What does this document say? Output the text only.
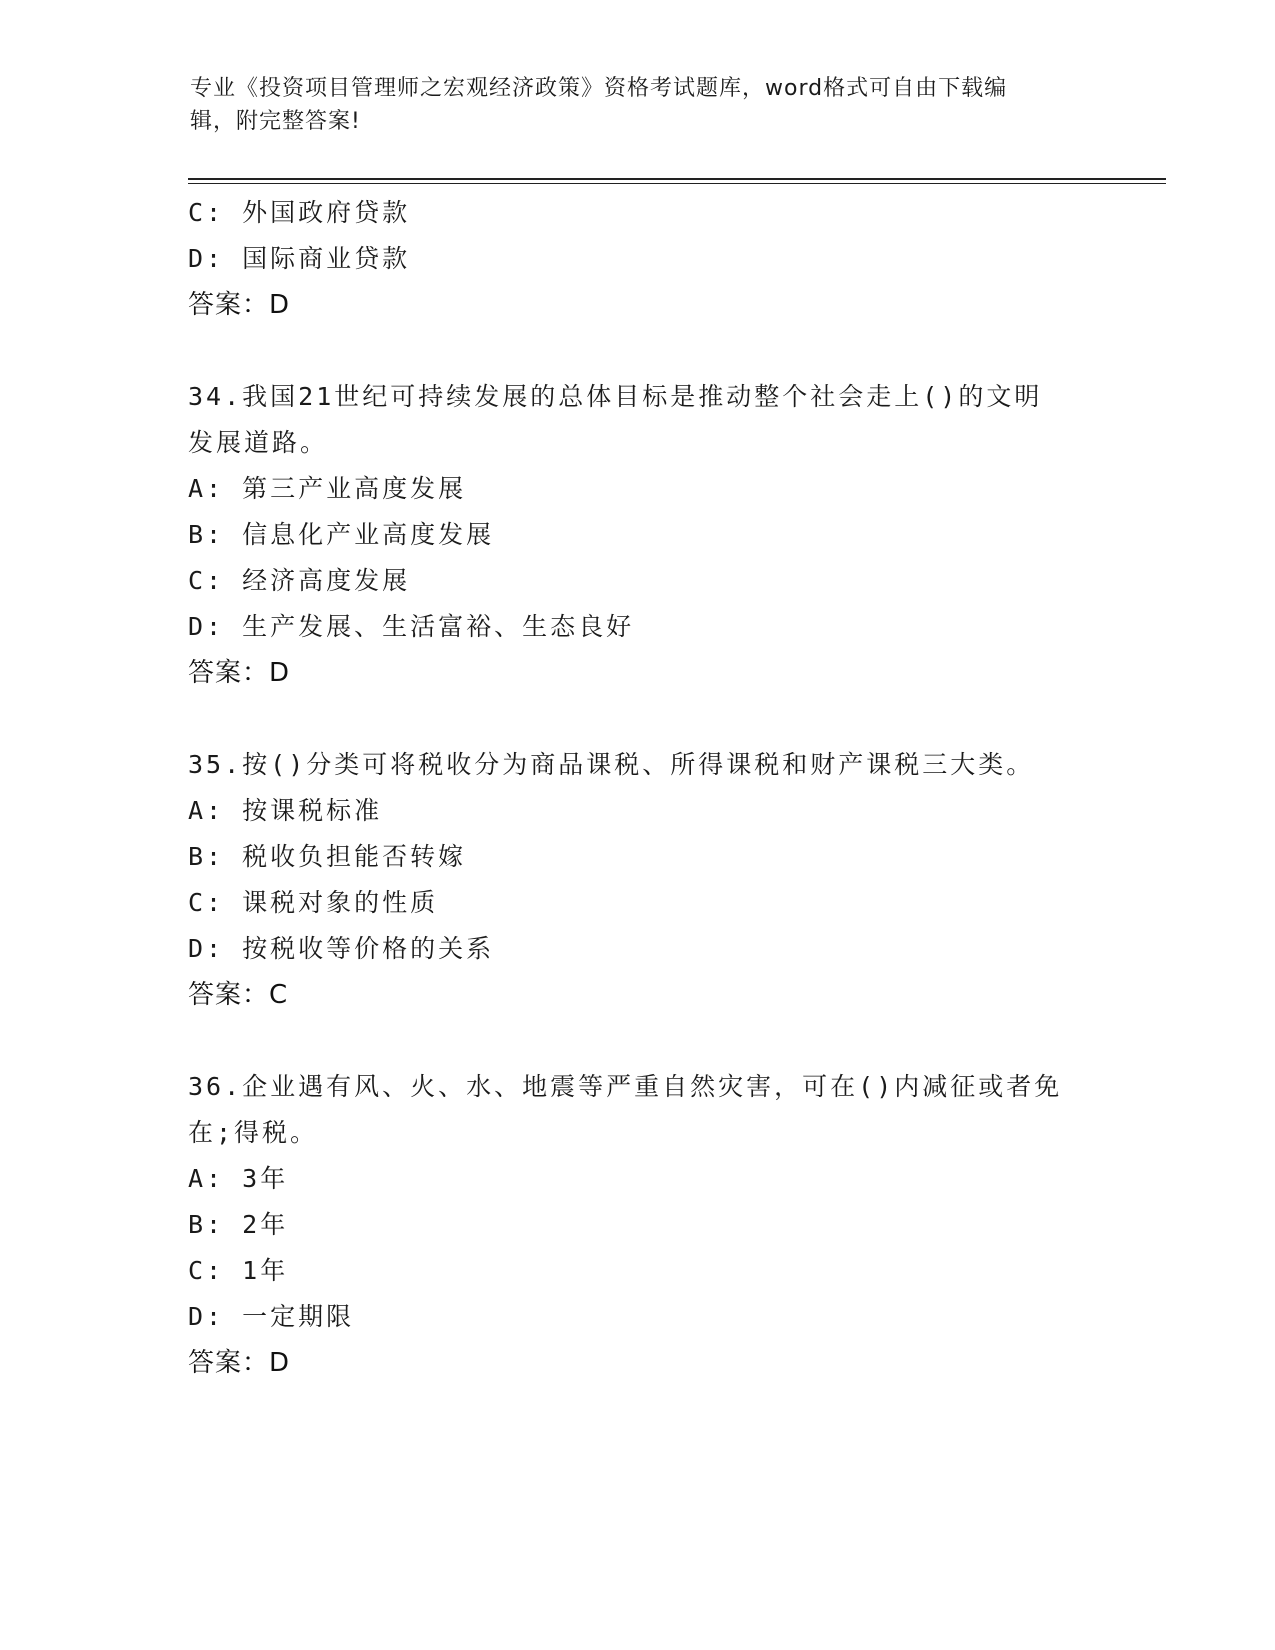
专业《投资项目管理师之宏观经济政策》资格考试题库，word格式可自由下载编
辑，附完整答案!
C: 外国政府贷款
D: 国际商业贷款
答案：D
34.我国21世纪可持续发展的总体目标是推动整个社会走上()的文明
发展道路。
A: 第三产业高度发展
B: 信息化产业高度发展
C: 经济高度发展
D: 生产发展、生活富裕、生态良好
答案：D
35.按()分类可将税收分为商品课税、所得课税和财产课税三大类。
A: 按课税标准
B: 税收负担能否转嫁
C: 课税对象的性质
D: 按税收等价格的关系
答案：C
36.企业遇有风、火、水、地震等严重自然灾害，可在()内减征或者免
在;得税。
A: 3年
B: 2年
C: 1年
D: 一定期限
答案：D
